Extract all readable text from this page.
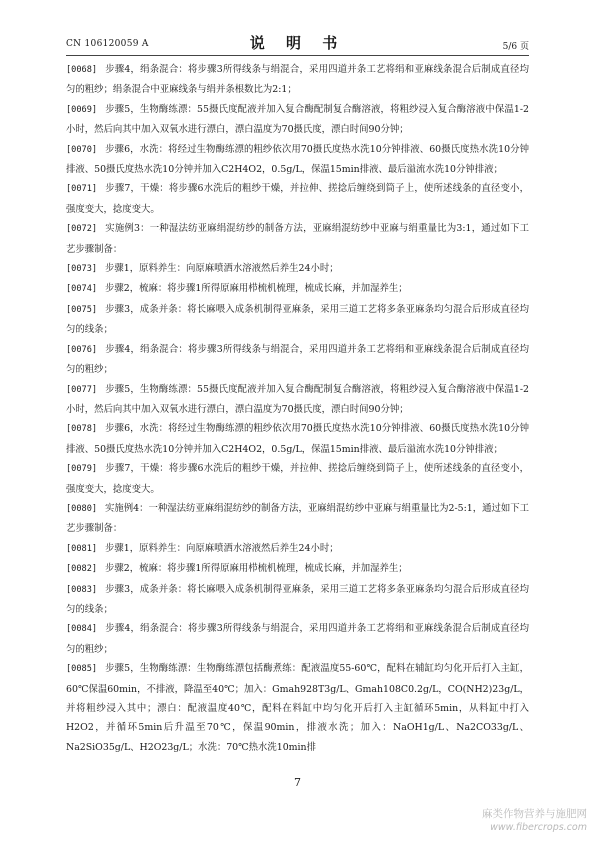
CN 106120059 A	说 明 书	5/6 页

[0068] 步骤4，绢条混合：将步骤3所得线条与绢混合，采用四道并条工艺将绢和亚麻线条混合后制成直径均匀的粗纱；绢条混合中亚麻线条与绢并条根数比为2:1；

[0069] 步骤5，生物酶练漂：55摄氏度配液并加入复合酶配制复合酶溶液，将粗纱浸入复合酶溶液中保温1-2小时，然后向其中加入双氧水进行漂白，漂白温度为70摄氏度，漂白时间90分钟；

[0070] 步骤6，水洗：将经过生物酶练漂的粗纱依次用70摄氏度热水洗10分钟排液、60摄氏度热水洗10分钟排液、50摄氏度热水洗10分钟并加入C2H4O2，0.5g/L，保温15min排液、最后溢流水洗10分钟排液；

[0071] 步骤7，干燥：将步骤6水洗后的粗纱干燥，并拉伸、搓捻后缠绕到筒子上，使所述线条的直径变小，强度变大，捻度变大。

[0072] 实施例3：一种湿法纺亚麻绢混纺纱的制备方法，亚麻绢混纺纱中亚麻与绢重量比为3:1，通过如下工艺步骤制备：

[0073] 步骤1，原料养生：向原麻喷洒水溶液然后养生24小时；

[0074] 步骤2，梳麻：将步骤1所得原麻用栉梳机梳理，梳成长麻，并加湿养生；

[0075] 步骤3，成条并条：将长麻喂入成条机制得亚麻条，采用三道工艺将多条亚麻条均匀混合后形成直径均匀的线条；

[0076] 步骤4，绢条混合：将步骤3所得线条与绢混合，采用四道并条工艺将绢和亚麻线条混合后制成直径均匀的粗纱；

[0077] 步骤5，生物酶练漂：55摄氏度配液并加入复合酶配制复合酶溶液，将粗纱浸入复合酶溶液中保温1-2小时，然后向其中加入双氧水进行漂白，漂白温度为70摄氏度，漂白时间90分钟；

[0078] 步骤6，水洗：将经过生物酶练漂的粗纱依次用70摄氏度热水洗10分钟排液、60摄氏度热水洗10分钟排液、50摄氏度热水洗10分钟并加入C2H4O2，0.5g/L，保温15min排液、最后溢流水洗10分钟排液；

[0079] 步骤7，干燥：将步骤6水洗后的粗纱干燥，并拉伸、搓捻后缠绕到筒子上，使所述线条的直径变小，强度变大，捻度变大。

[0080] 实施例4：一种湿法纺亚麻绢混纺纱的制备方法，亚麻绢混纺纱中亚麻与绢重量比为2-5:1，通过如下工艺步骤制备：

[0081] 步骤1，原料养生：向原麻喷洒水溶液然后养生24小时；

[0082] 步骤2，梳麻：将步骤1所得原麻用栉梳机梳理，梳成长麻，并加湿养生；

[0083] 步骤3，成条并条：将长麻喂入成条机制得亚麻条，采用三道工艺将多条亚麻条均匀混合后形成直径均匀的线条；

[0084] 步骤4，绢条混合：将步骤3所得线条与绢混合，采用四道并条工艺将绢和亚麻线条混合后制成直径均匀的粗纱；

[0085] 步骤5，生物酶练漂：生物酶练漂包括酶煮练：配液温度55-60℃，配料在辅缸均匀化开后打入主缸，60℃保温60min，不排液，降温至40℃；加入：Gmah928T3g/L、Gmah108C0.2g/L，CO(NH2)23g/L，并将粗纱浸入其中；漂白：配液温度40℃，配料在料缸中均匀化开后打入主缸循环5min，从料缸中打入H2O2，并循环5min后升温至70℃，保温90min，排液水洗；加入：NaOH1g/L、Na2CO33g/L、Na2SiO35g/L、H2O23g/L；水洗：70℃热水洗10min排

7
麻类作物营养与施肥网
www.fibercrops.com
